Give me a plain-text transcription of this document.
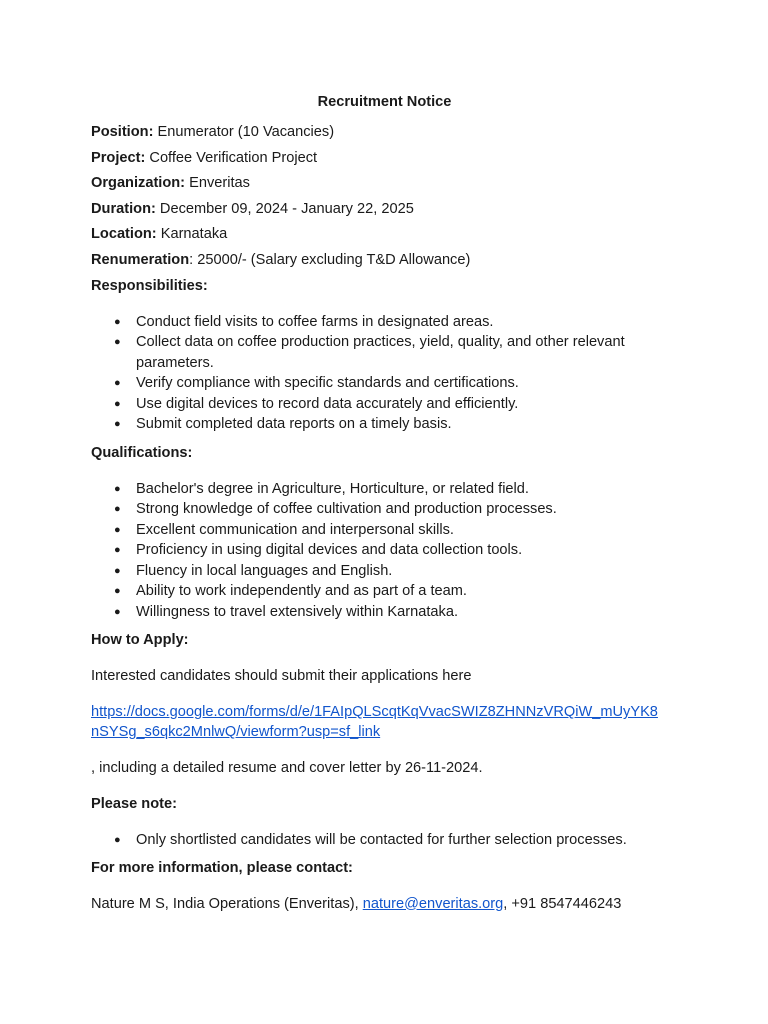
Recruitment Notice
Position: Enumerator (10 Vacancies)
Project: Coffee Verification Project
Organization: Enveritas
Duration: December 09, 2024 - January 22, 2025
Location: Karnataka
Renumeration: 25000/- (Salary excluding T&D Allowance)
Responsibilities:
● Conduct field visits to coffee farms in designated areas.
● Collect data on coffee production practices, yield, quality, and other relevant parameters.
● Verify compliance with specific standards and certifications.
● Use digital devices to record data accurately and efficiently.
● Submit completed data reports on a timely basis.
Qualifications:
● Bachelor's degree in Agriculture, Horticulture, or related field.
● Strong knowledge of coffee cultivation and production processes.
● Excellent communication and interpersonal skills.
● Proficiency in using digital devices and data collection tools.
● Fluency in local languages and English.
● Ability to work independently and as part of a team.
● Willingness to travel extensively within Karnataka.
How to Apply:

Interested candidates should submit their applications here

https://docs.google.com/forms/d/e/1FAIpQLScqtKqVvacSWIZ8ZHNNzVRQiW_mUyYK8
nSYSg_s6qkc2MnlwQ/viewform?usp=sf_link

, including a detailed resume and cover letter by 26-11-2024.

Please note:
● Only shortlisted candidates will be contacted for further selection processes.
For more information, please contact:

Nature M S, India Operations (Enveritas), nature@enveritas.org, +91 8547446243
